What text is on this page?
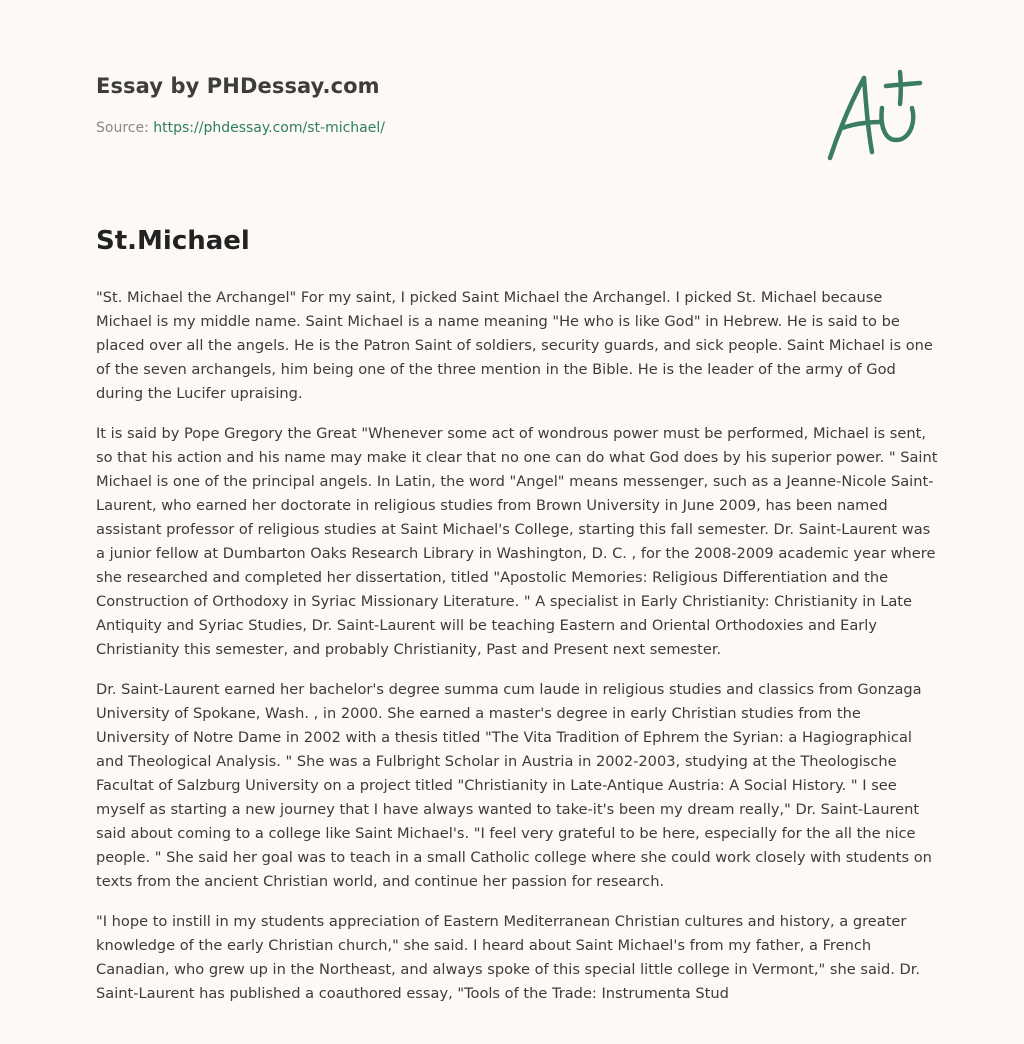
Essay by PHDessay.com
Source: https://phdessay.com/st-michael/
St.Michael

"St. Michael the Archangel" For my saint, I picked Saint Michael the Archangel. I picked St. Michael because Michael is my middle name. Saint Michael is a name meaning "He who is like God" in Hebrew. He is said to be placed over all the angels. He is the Patron Saint of soldiers, security guards, and sick people. Saint Michael is one of the seven archangels, him being one of the three mention in the Bible. He is the leader of the army of God during the Lucifer upraising.

It is said by Pope Gregory the Great "Whenever some act of wondrous power must be performed, Michael is sent, so that his action and his name may make it clear that no one can do what God does by his superior power. " Saint Michael is one of the principal angels. In Latin, the word "Angel" means messenger, such as a Jeanne-Nicole Saint-Laurent, who earned her doctorate in religious studies from Brown University in June 2009, has been named assistant professor of religious studies at Saint Michael's College, starting this fall semester. Dr. Saint-Laurent was a junior fellow at Dumbarton Oaks Research Library in Washington, D. C. , for the 2008-2009 academic year where she researched and completed her dissertation, titled "Apostolic Memories: Religious Differentiation and the Construction of Orthodoxy in Syriac Missionary Literature. " A specialist in Early Christianity: Christianity in Late Antiquity and Syriac Studies, Dr. Saint-Laurent will be teaching Eastern and Oriental Orthodoxies and Early Christianity this semester, and probably Christianity, Past and Present next semester.

Dr. Saint-Laurent earned her bachelor's degree summa cum laude in religious studies and classics from Gonzaga University of Spokane, Wash. , in 2000. She earned a master's degree in early Christian studies from the University of Notre Dame in 2002 with a thesis titled "The Vita Tradition of Ephrem the Syrian: a Hagiographical and Theological Analysis. " She was a Fulbright Scholar in Austria in 2002-2003, studying at the Theologische Facultat of Salzburg University on a project titled "Christianity in Late-Antique Austria: A Social History. " I see myself as starting a new journey that I have always wanted to take-it's been my dream really," Dr. Saint-Laurent said about coming to a college like Saint Michael's. "I feel very grateful to be here, especially for the all the nice people. " She said her goal was to teach in a small Catholic college where she could work closely with students on texts from the ancient Christian world, and continue her passion for research.

"I hope to instill in my students appreciation of Eastern Mediterranean Christian cultures and history, a greater knowledge of the early Christian church," she said. I heard about Saint Michael's from my father, a French Canadian, who grew up in the Northeast, and always spoke of this special little college in Vermont," she said. Dr. Saint-Laurent has published a coauthored essay, "Tools of the Trade: Instrumenta Stud
